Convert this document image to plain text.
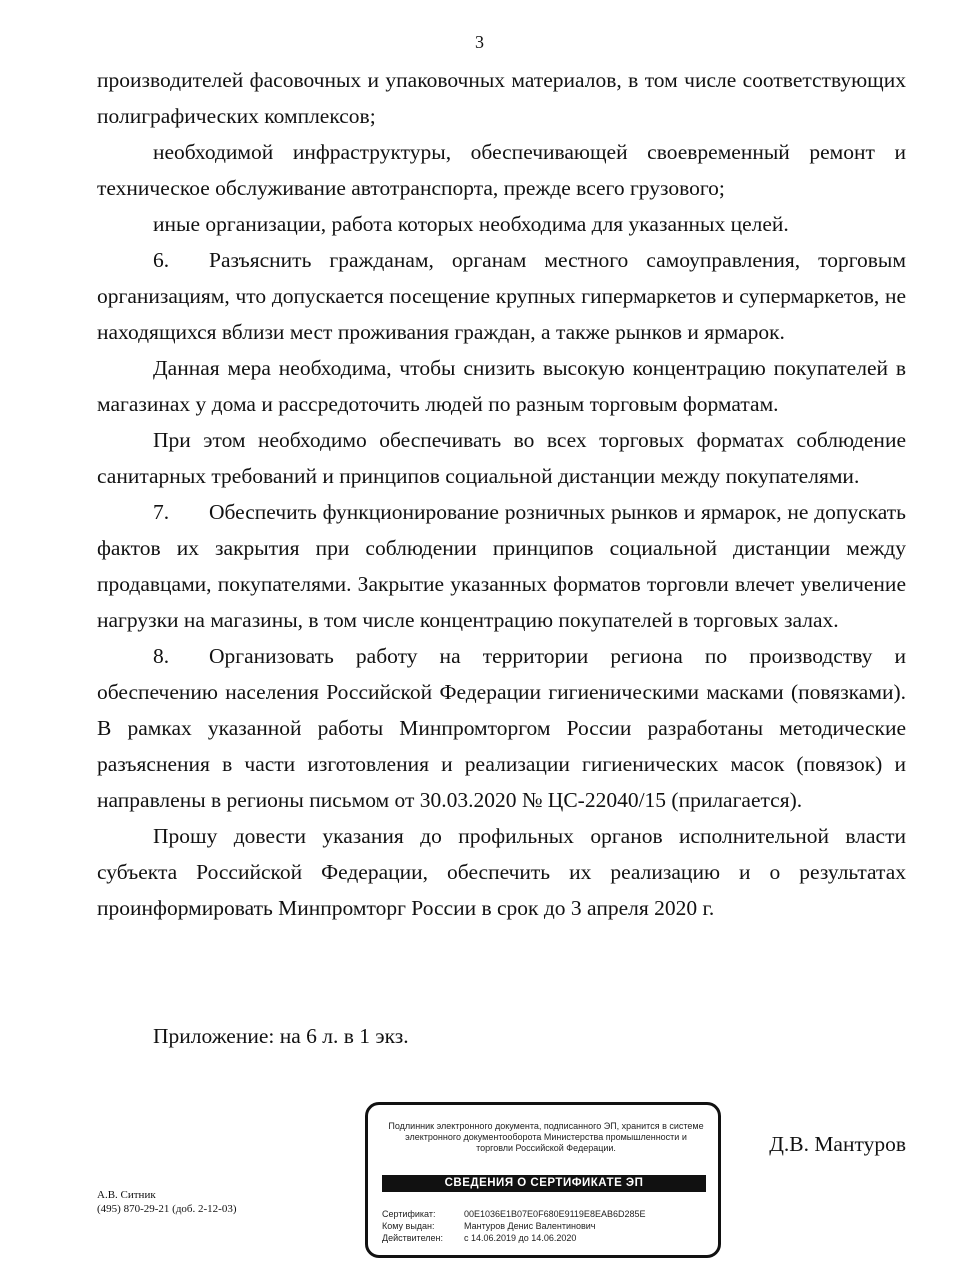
3

производителей фасовочных и упаковочных материалов, в том числе соответствующих полиграфических комплексов;

необходимой инфраструктуры, обеспечивающей своевременный ремонт и техническое обслуживание автотранспорта, прежде всего грузового;

иные организации, работа которых необходима для указанных целей.

6. Разъяснить гражданам, органам местного самоуправления, торговым организациям, что допускается посещение крупных гипермаркетов и супермаркетов, не находящихся вблизи мест проживания граждан, а также рынков и ярмарок.

Данная мера необходима, чтобы снизить высокую концентрацию покупателей в магазинах у дома и рассредоточить людей по разным торговым форматам.

При этом необходимо обеспечивать во всех торговых форматах соблюдение санитарных требований и принципов социальной дистанции между покупателями.

7. Обеспечить функционирование розничных рынков и ярмарок, не допускать фактов их закрытия при соблюдении принципов социальной дистанции между продавцами, покупателями. Закрытие указанных форматов торговли влечет увеличение нагрузки на магазины, в том числе концентрацию покупателей в торговых залах.

8. Организовать работу на территории региона по производству и обеспечению населения Российской Федерации гигиеническими масками (повязками). В рамках указанной работы Минпромторгом России разработаны методические разъяснения в части изготовления и реализации гигиенических масок (повязок) и направлены в регионы письмом от 30.03.2020 № ЦС-22040/15 (прилагается).

Прошу довести указания до профильных органов исполнительной власти субъекта Российской Федерации, обеспечить их реализацию и о результатах проинформировать Минпромторг России в срок до 3 апреля 2020 г.

Приложение: на 6 л. в 1 экз.
Подлинник электронного документа, подписанного ЭП, хранится в системе электронного документооборота Министерства промышленности и торговли Российской Федерации.
СВЕДЕНИЯ О СЕРТИФИКАТЕ ЭП
Сертификат:	00E1036E1B07E0F680E9119E8EAB6D285E
Кому выдан:	Мантуров Денис Валентинович
Действителен: с 14.06.2019 до 14.06.2020
Д.В. Мантуров
А.В. Ситник
(495) 870-29-21 (доб. 2-12-03)
